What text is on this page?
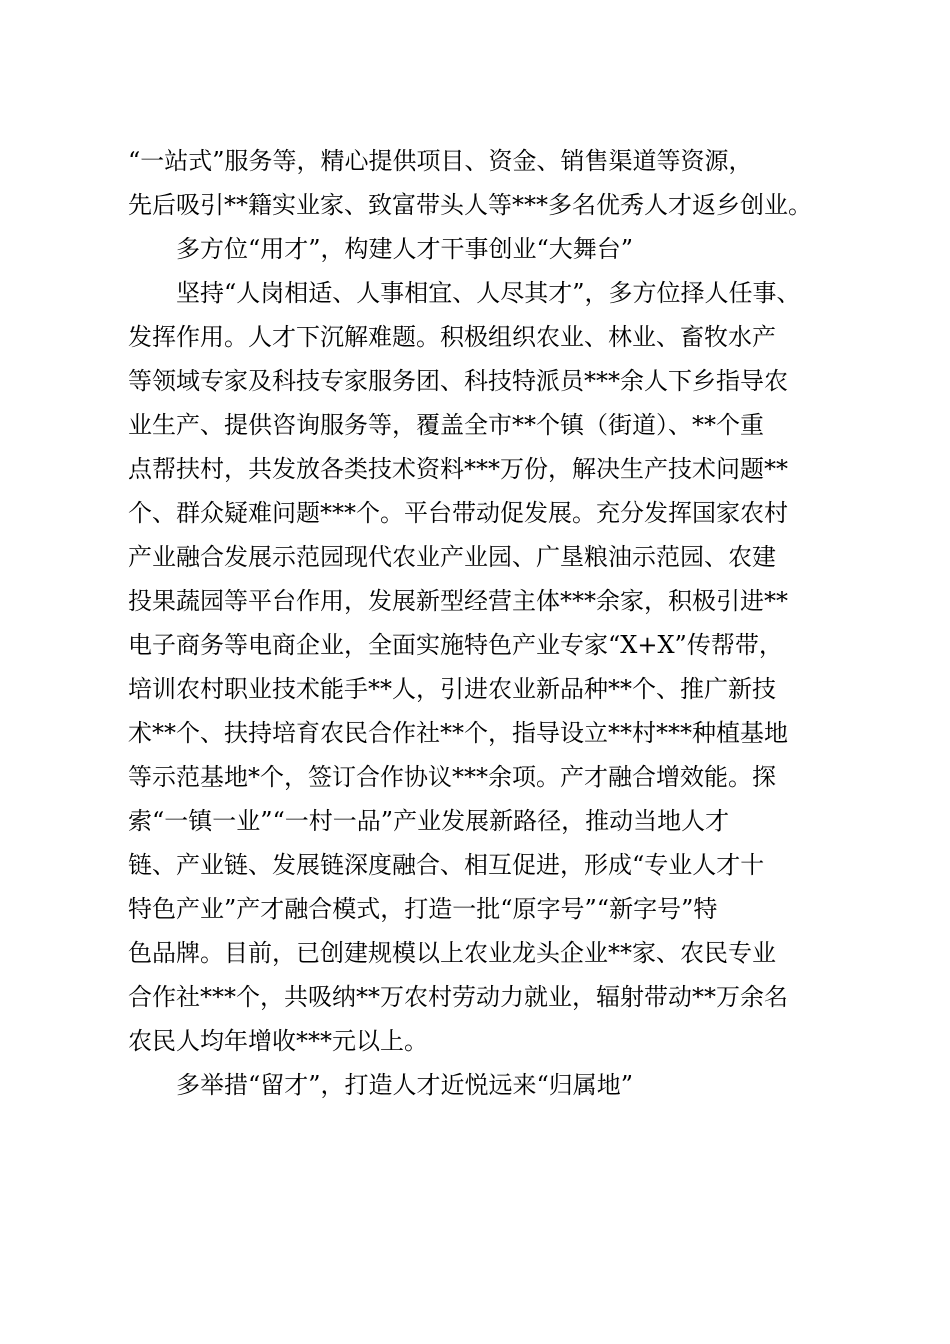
“一站式”服务等，精心提供项目、资金、销售渠道等资源，
先后吸引**籍实业家、致富带头人等***多名优秀人才返乡创业。
多方位“用才”，构建人才干事创业“大舞台”
坚持“人岗相适、人事相宜、人尽其才”，多方位择人任事、
发挥作用。人才下沉解难题。积极组织农业、林业、畜牧水产
等领域专家及科技专家服务团、科技特派员***余人下乡指导农
业生产、提供咨询服务等，覆盖全市**个镇（街道）、**个重
点帮扶村，共发放各类技术资料***万份，解决生产技术问题**
个、群众疑难问题***个。平台带动促发展。充分发挥国家农村
产业融合发展示范园现代农业产业园、广垦粮油示范园、农建
投果蔬园等平台作用，发展新型经营主体***余家，积极引进**
电子商务等电商企业，全面实施特色产业专家“X+X”传帮带，
培训农村职业技术能手**人，引进农业新品种**个、推广新技
术**个、扶持培育农民合作社**个，指导设立**村***种植基地
等示范基地*个，签订合作协议***余项。产才融合增效能。探
索“一镇一业”“一村一品”产业发展新路径，推动当地人才
链、产业链、发展链深度融合、相互促进，形成“专业人才十
特色产业”产才融合模式，打造一批“原字号”“新字号”特
色品牌。目前，已创建规模以上农业龙头企业**家、农民专业
合作社***个，共吸纳**万农村劳动力就业，辐射带动**万余名
农民人均年增收***元以上。
多举措“留才”，打造人才近悦远来“归属地”
